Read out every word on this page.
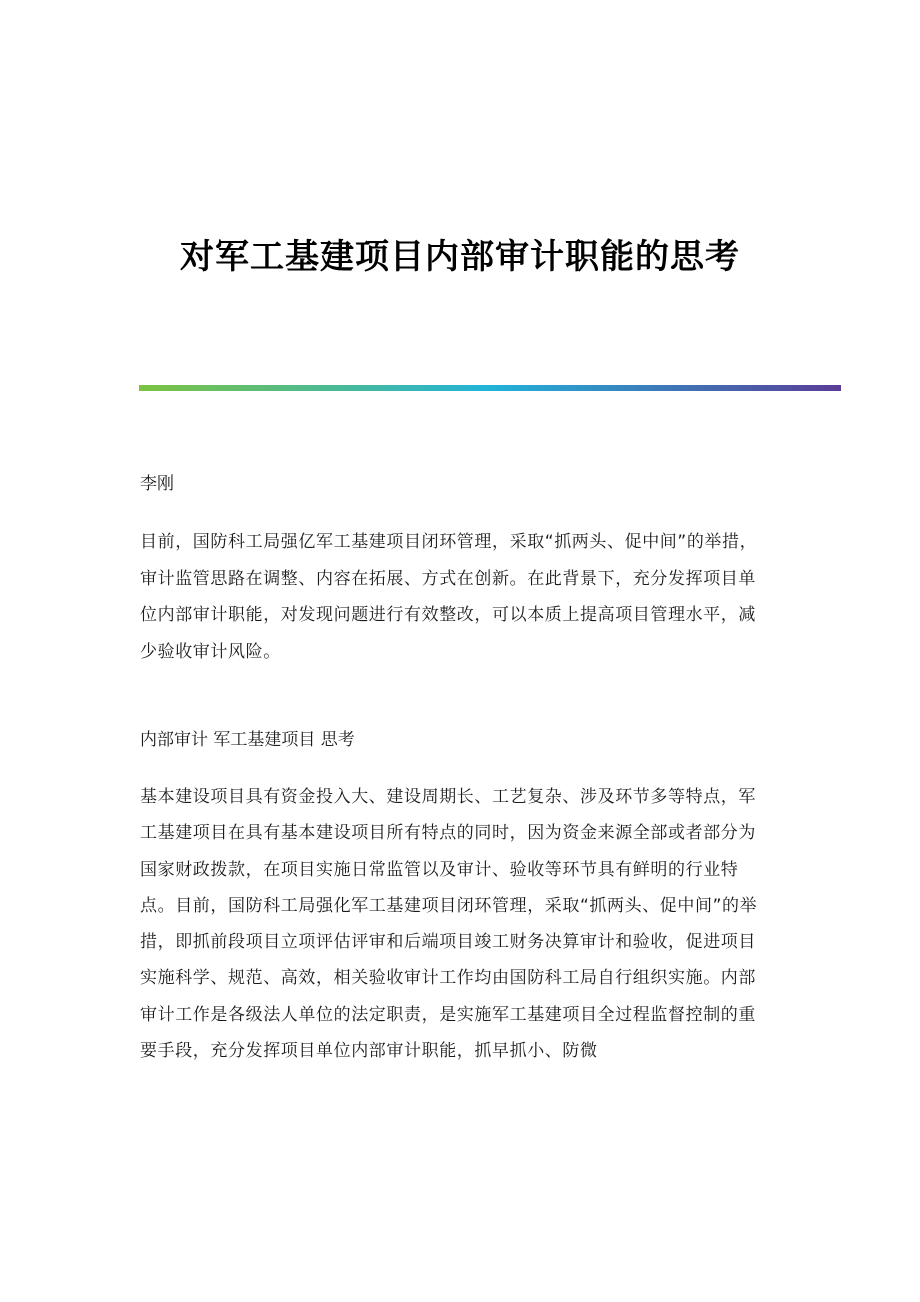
对军工基建项目内部审计职能的思考

李刚

目前，国防科工局强亿军工基建项目闭环管理，采取“抓两头、促中间”的举措，审计监管思路在调整、内容在拓展、方式在创新。在此背景下，充分发挥项目单位内部审计职能，对发现问题进行有效整改，可以本质上提高项目管理水平，减少验收审计风险。

内部审计 军工基建项目 思考

基本建设项目具有资金投入大、建设周期长、工艺复杂、涉及环节多等特点，军工基建项目在具有基本建设项目所有特点的同时，因为资金来源全部或者部分为国家财政拨款，在项目实施日常监管以及审计、验收等环节具有鲜明的行业特点。目前，国防科工局强化军工基建项目闭环管理，采取“抓两头、促中间”的举措，即抓前段项目立项评估评审和后端项目竣工财务决算审计和验收，促进项目实施科学、规范、高效，相关验收审计工作均由国防科工局自行组织实施。内部审计工作是各级法人单位的法定职责，是实施军工基建项目全过程监督控制的重要手段，充分发挥项目单位内部审计职能，抓早抓小、防微
